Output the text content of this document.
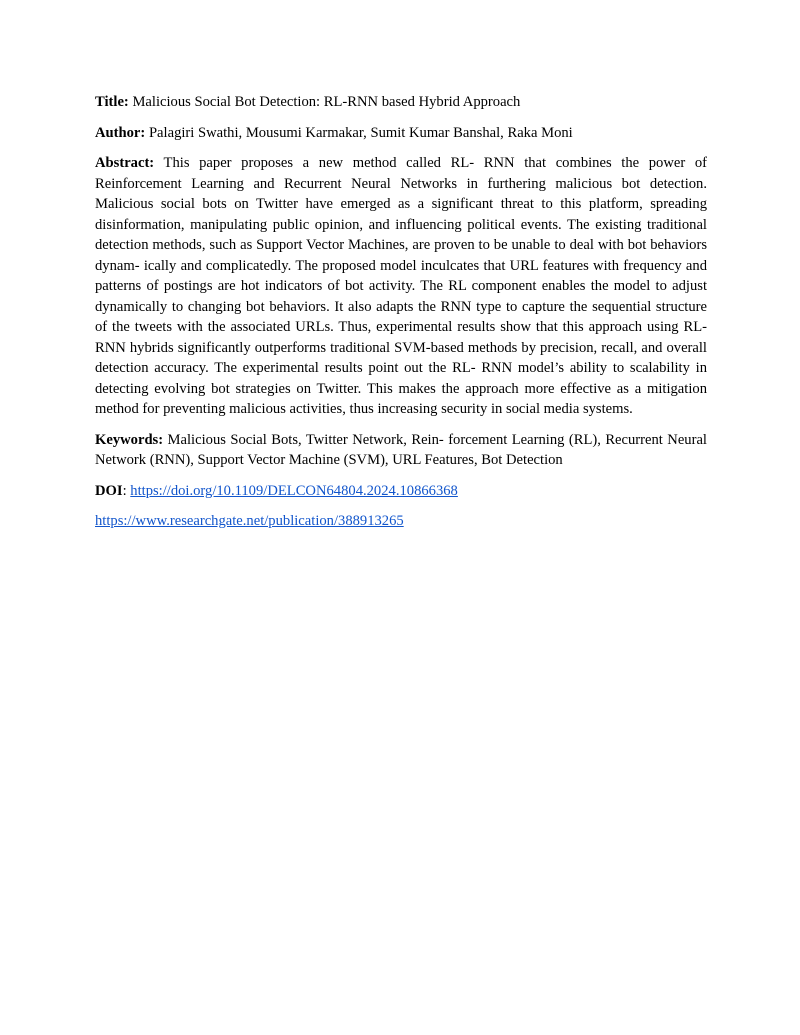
Title: Malicious Social Bot Detection: RL-RNN based Hybrid Approach

Author: Palagiri Swathi, Mousumi Karmakar, Sumit Kumar Banshal, Raka Moni

Abstract: This paper proposes a new method called RL- RNN that combines the power of Reinforcement Learning and Recurrent Neural Networks in furthering malicious bot detection. Malicious social bots on Twitter have emerged as a significant threat to this platform, spreading disinformation, manipulating public opinion, and influencing political events. The existing traditional detection methods, such as Support Vector Machines, are proven to be unable to deal with bot behaviors dynam- ically and complicatedly. The proposed model inculcates that URL features with frequency and patterns of postings are hot indicators of bot activity. The RL component enables the model to adjust dynamically to changing bot behaviors. It also adapts the RNN type to capture the sequential structure of the tweets with the associated URLs. Thus, experimental results show that this approach using RL- RNN hybrids significantly outperforms traditional SVM-based methods by precision, recall, and overall detection accuracy. The experimental results point out the RL- RNN model’s ability to scalability in detecting evolving bot strategies on Twitter. This makes the approach more effective as a mitigation method for preventing malicious activities, thus increasing security in social media systems.

Keywords: Malicious Social Bots, Twitter Network, Rein- forcement Learning (RL), Recurrent Neural Network (RNN), Support Vector Machine (SVM), URL Features, Bot Detection

DOI: https://doi.org/10.1109/DELCON64804.2024.10866368

https://www.researchgate.net/publication/388913265
